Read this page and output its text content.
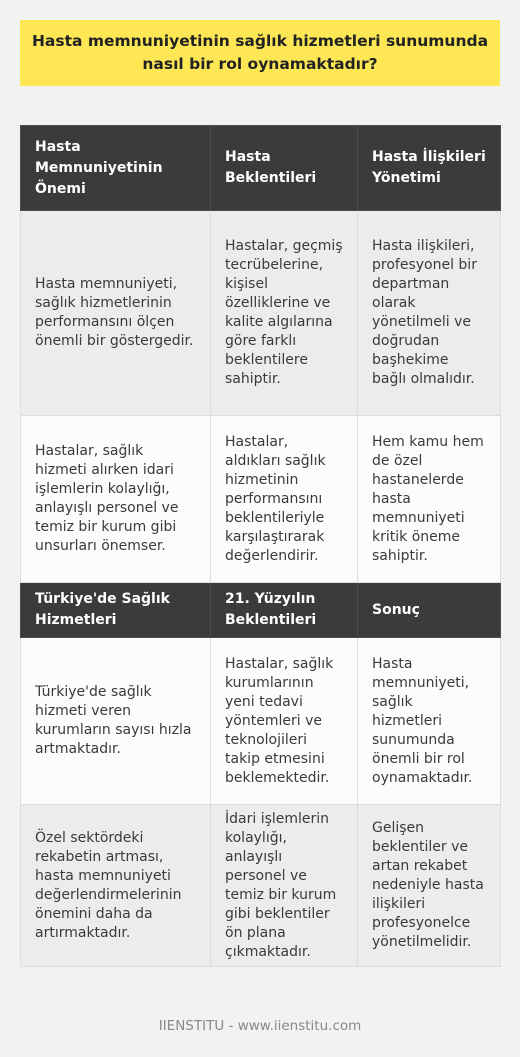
Hasta memnuniyetinin sağlık hizmetleri sunumunda nasıl bir rol oynamaktadır?
Hasta Memnuniyetinin Önemi	Hasta Beklentileri	Hasta İlişkileri Yönetimi
Hasta memnuniyeti, sağlık hizmetlerinin performansını ölçen önemli bir göstergedir.	Hastalar, geçmiş tecrübelerine, kişisel özelliklerine ve kalite algılarına göre farklı beklentilere sahiptir.	Hasta ilişkileri, profesyonel bir departman olarak yönetilmeli ve doğrudan başhekime bağlı olmalıdır.
Hastalar, sağlık hizmeti alırken idari işlemlerin kolaylığı, anlayışlı personel ve temiz bir kurum gibi unsurları önemser.	Hastalar, aldıkları sağlık hizmetinin performansını beklentileriyle karşılaştırarak değerlendirir.	Hem kamu hem de özel hastanelerde hasta memnuniyeti kritik öneme sahiptir.
Türkiye'de Sağlık Hizmetleri	21. Yüzyılın Beklentileri	Sonuç
Türkiye'de sağlık hizmeti veren kurumların sayısı hızla artmaktadır.	Hastalar, sağlık kurumlarının yeni tedavi yöntemleri ve teknolojileri takip etmesini beklemektedir.	Hasta memnuniyeti, sağlık hizmetleri sunumunda önemli bir rol oynamaktadır.
Özel sektördeki rekabetin artması, hasta memnuniyeti değerlendirmelerinin önemini daha da artırmaktadır.	İdari işlemlerin kolaylığı, anlayışlı personel ve temiz bir kurum gibi beklentiler ön plana çıkmaktadır.	Gelişen beklentiler ve artan rekabet nedeniyle hasta ilişkileri profesyonelce yönetilmelidir.
IIENSTITU - www.iienstitu.com
